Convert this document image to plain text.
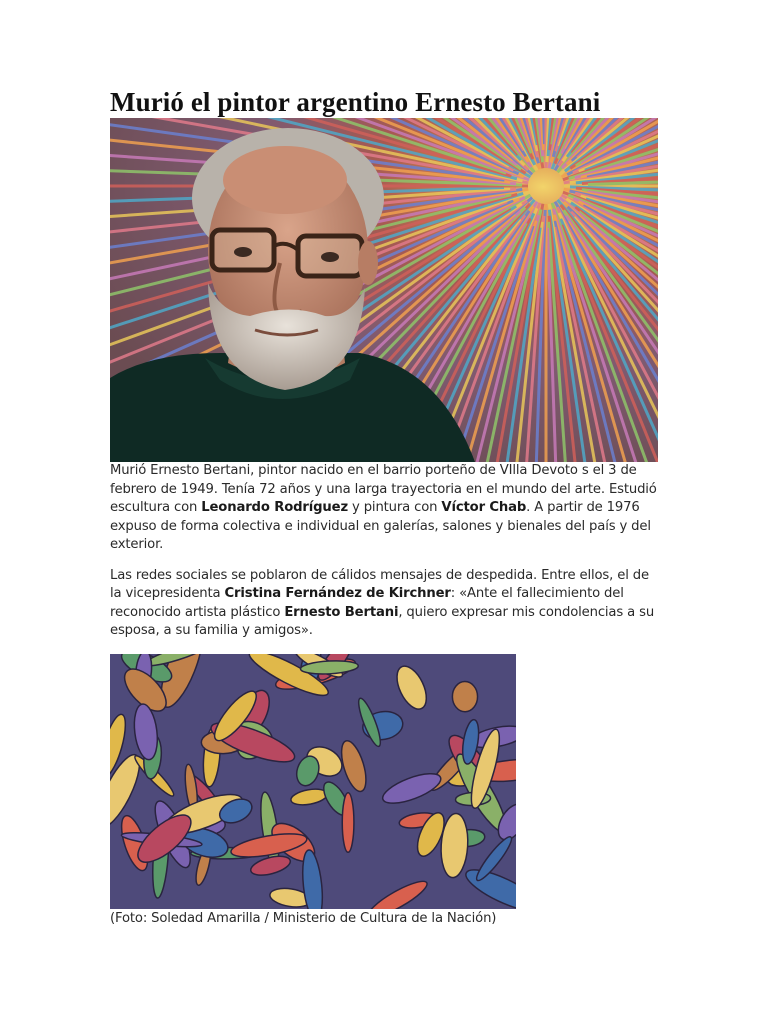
Murió el pintor argentino Ernesto Bertani

Murió Ernesto Bertani, pintor nacido en el barrio porteño de VIlla Devoto s el 3 de febrero de 1949. Tenía 72 años y una larga trayectoria en el mundo del arte. Estudió escultura con Leonardo Rodríguez y pintura con Víctor Chab. A partir de 1976 expuso de forma colectiva e individual en galerías, salones y bienales del país y del exterior.

Las redes sociales se poblaron de cálidos mensajes de despedida. Entre ellos, el de la vicepresidenta Cristina Fernández de Kirchner: «Ante el fallecimiento del reconocido artista plástico Ernesto Bertani, quiero expresar mis condolencias a su esposa, a su familia y amigos».

(Foto: Soledad Amarilla / Ministerio de Cultura de la Nación)
